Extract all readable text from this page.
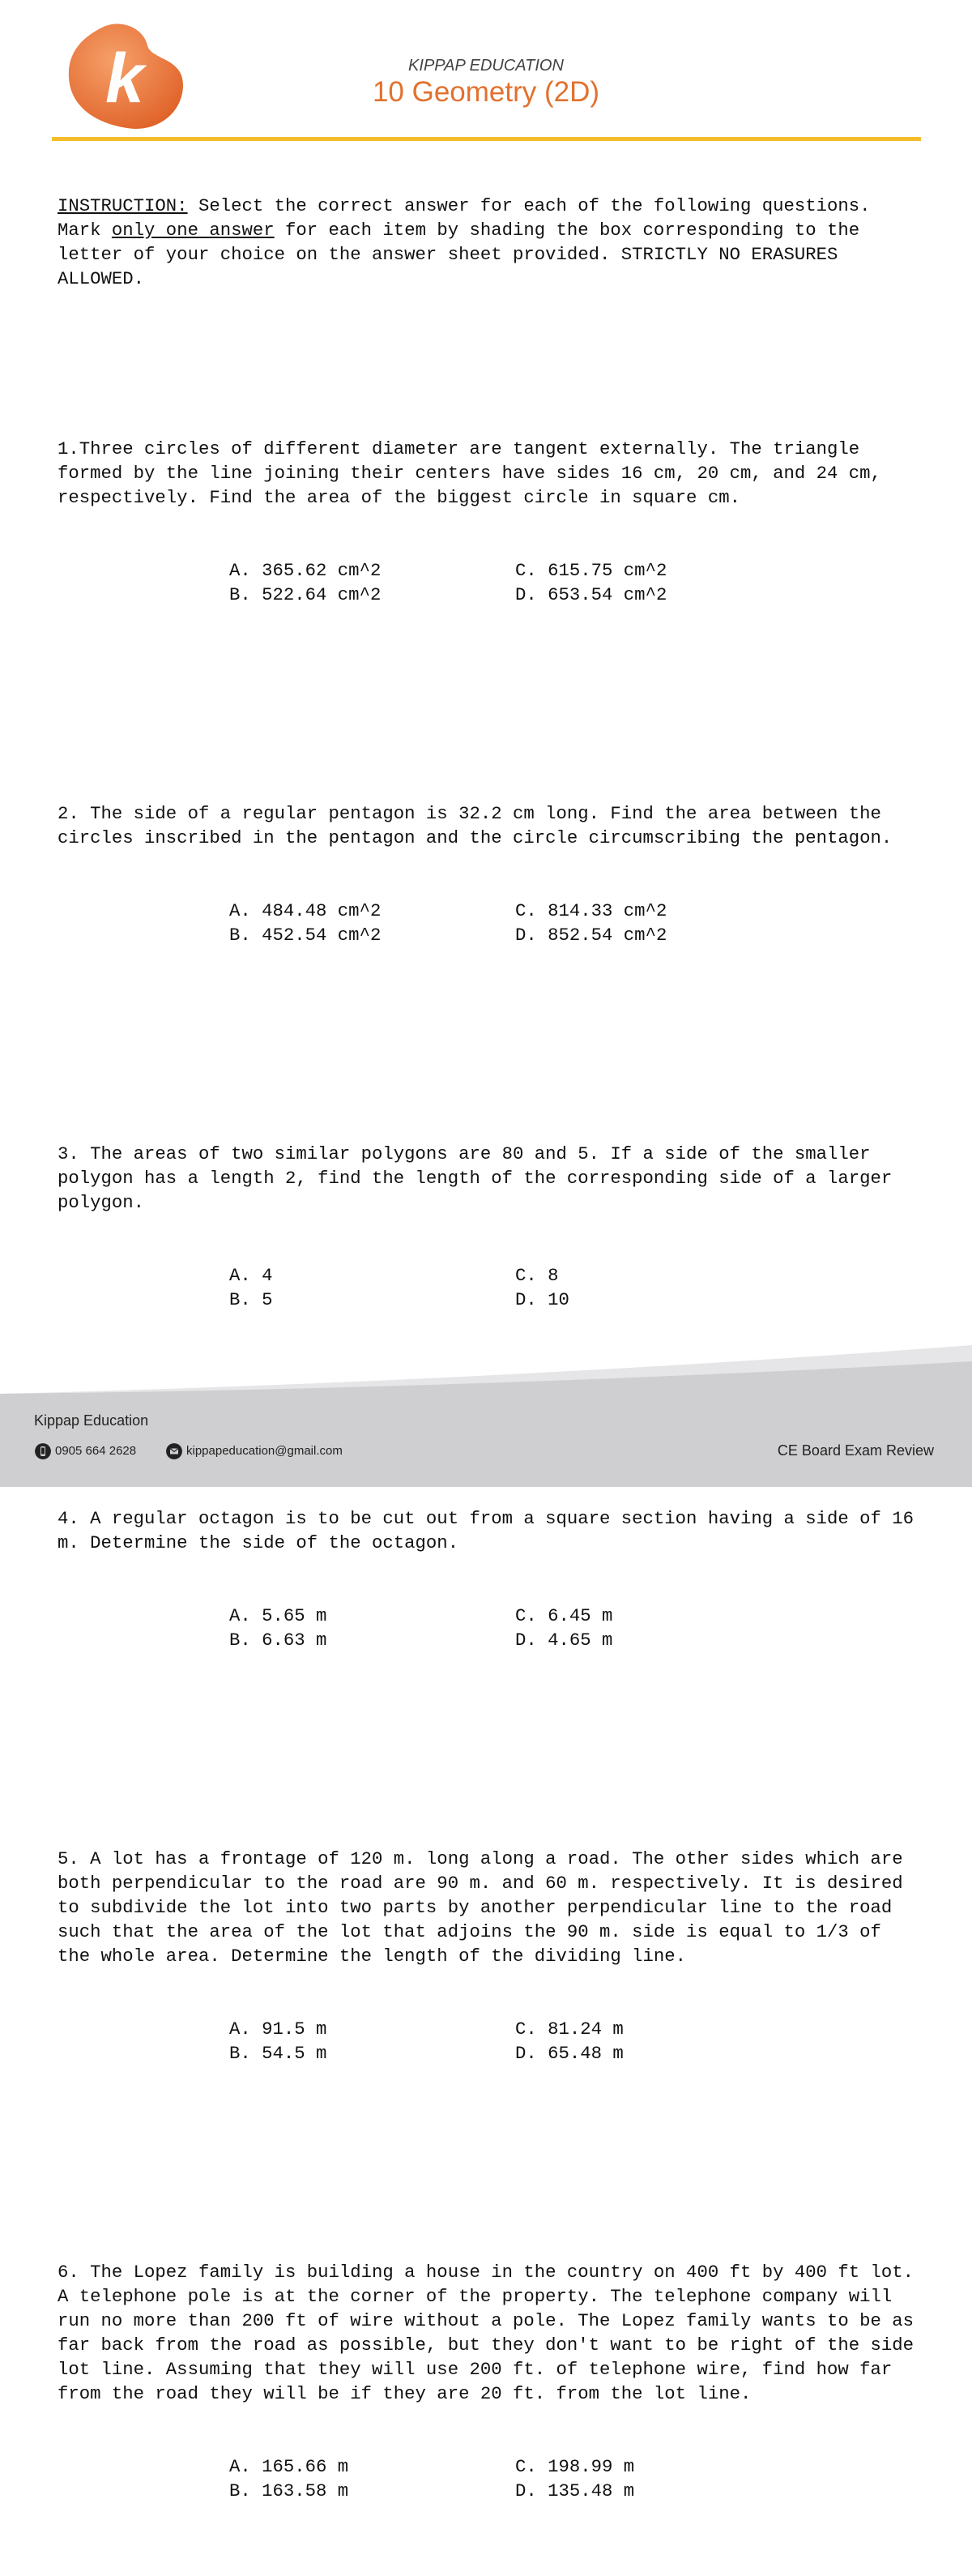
k	KIPPAP EDUCATION
10 Geometry (2D)

INSTRUCTION: Select the correct answer for each of the following questions. Mark only one answer for each item by shading the box corresponding to the letter of your choice on the answer sheet provided. STRICTLY NO ERASURES ALLOWED.

1.Three circles of different diameter are tangent externally. The triangle formed by the line joining their centers have sides 16 cm, 20 cm, and 24 cm, respectively. Find the area of the biggest circle in square cm.

A. 365.62 cm^2	C. 615.75 cm^2
B. 522.64 cm^2	D. 653.54 cm^2

2. The side of a regular pentagon is 32.2 cm long. Find the area between the circles inscribed in the pentagon and the circle circumscribing the pentagon.

A. 484.48 cm^2	C. 814.33 cm^2
B. 452.54 cm^2	D. 852.54 cm^2

3. The areas of two similar polygons are 80 and 5. If a side of the smaller polygon has a length 2, find the length of the corresponding side of a larger polygon.

A. 4	C. 8
B. 5	D. 10

4. A regular octagon is to be cut out from a square section having a side of 16 m. Determine the side of the octagon.

A. 5.65 m	C. 6.45 m
B. 6.63 m	D. 4.65 m

5. A lot has a frontage of 120 m. long along a road. The other sides which are both perpendicular to the road are 90 m. and 60 m. respectively. It is desired to subdivide the lot into two parts by another perpendicular line to the road such that the area of the lot that adjoins the 90 m. side is equal to 1/3 of the whole area. Determine the length of the dividing line.

A. 91.5 m	C. 81.24 m
B. 54.5 m	D. 65.48 m

6. The Lopez family is building a house in the country on 400 ft by 400 ft lot. A telephone pole is at the corner of the property. The telephone company will run no more than 200 ft of wire without a pole. The Lopez family wants to be as far back from the road as possible, but they don't want to be right of the side lot line. Assuming that they will use 200 ft. of telephone wire, find how far from the road they will be if they are 20 ft. from the lot line.

A. 165.66 m	C. 198.99 m
B. 163.58 m	D. 135.48 m

Kippap Education
0905 664 2628	kippapeducation@gmail.com	CE Board Exam Review
